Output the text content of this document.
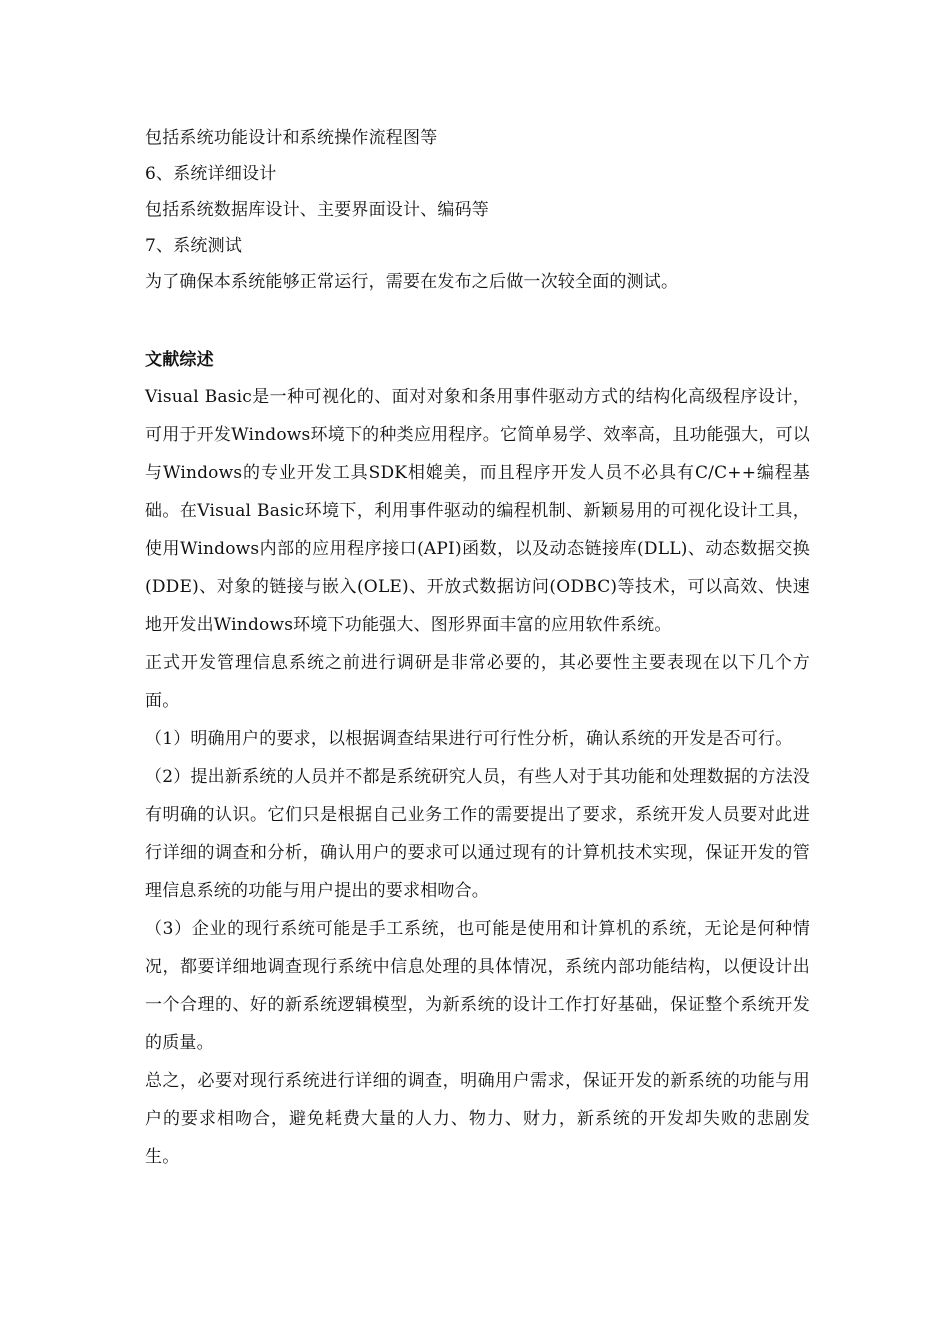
包括系统功能设计和系统操作流程图等
6、系统详细设计
包括系统数据库设计、主要界面设计、编码等
7、系统测试
为了确保本系统能够正常运行，需要在发布之后做一次较全面的测试。
文献综述

Visual Basic是一种可视化的、面对对象和条用事件驱动方式的结构化高级程序设计，可用于开发Windows环境下的种类应用程序。它简单易学、效率高，且功能强大，可以与Windows的专业开发工具SDK相媲美，而且程序开发人员不必具有C/C++编程基础。在Visual Basic环境下，利用事件驱动的编程机制、新颖易用的可视化设计工具，使用Windows内部的应用程序接口(API)函数，以及动态链接库(DLL)、动态数据交换(DDE)、对象的链接与嵌入(OLE)、开放式数据访问(ODBC)等技术，可以高效、快速地开发出Windows环境下功能强大、图形界面丰富的应用软件系统。

正式开发管理信息系统之前进行调研是非常必要的，其必要性主要表现在以下几个方面。

（1）明确用户的要求，以根据调查结果进行可行性分析，确认系统的开发是否可行。

（2）提出新系统的人员并不都是系统研究人员，有些人对于其功能和处理数据的方法没有明确的认识。它们只是根据自己业务工作的需要提出了要求，系统开发人员要对此进行详细的调查和分析，确认用户的要求可以通过现有的计算机技术实现，保证开发的管理信息系统的功能与用户提出的要求相吻合。

（3）企业的现行系统可能是手工系统，也可能是使用和计算机的系统，无论是何种情况，都要详细地调查现行系统中信息处理的具体情况，系统内部功能结构，以便设计出一个合理的、好的新系统逻辑模型，为新系统的设计工作打好基础，保证整个系统开发的质量。

总之，必要对现行系统进行详细的调查，明确用户需求，保证开发的新系统的功能与用户的要求相吻合，避免耗费大量的人力、物力、财力，新系统的开发却失败的悲剧发生。
